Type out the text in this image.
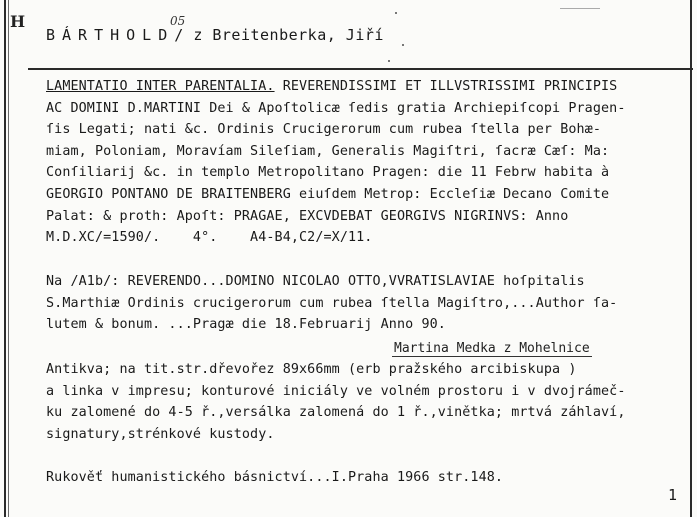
H	05
BÁRTHOLD/ z Breitenberka, Jiří
LAMENTATIO INTER PARENTALIA. REVERENDISSIMI ET ILLVSTRISSIMI PRINCIPIS
AC DOMINI D.MARTINI Dei & Apoſtolicæ ſedis gratia Archiepiſcopi Pragen-
ſis Legati; nati &c. Ordinis Crucigerorum cum rubea ſtella per Bohæ-
miam, Poloniam, Moravíam Sileſiam, Generalis Magiſtri, ſacræ Cæſ: Ma:
Conſiliarij &c. in templo Metropolitano Pragen: die 11 Febrw habita à
GEORGIO PONTANO DE BRAITENBERG eiuſdem Metrop: Eccleſiæ Decano Comite
Palat: & proth: Apoſt: PRAGAE, EXCVDEBAT GEORGIVS NIGRINVS: Anno
M.D.XC/=1590/.    4°.    A4-B4,C2/=X/11.
Na /A1b/: REVERENDO...DOMINO NICOLAO OTTO,VVRATISLAVIAE hoſpitalis
S.Marthiæ Ordinis crucigerorum cum rubea ſtella Magiſtro,...Author ſa-
lutem & bonum. ...Pragæ die 18.Februarij Anno 90.
Martina Medka z Mohelnice
Antikva; na tit.str.dřevořez 89x66mm (erb pražského arcibiskupa )
a linka v impresu; konturové iniciály ve volném prostoru i v dvojrámeč-
ku zalomené do 4-5 ř.,versálka zalomená do 1 ř.,vinětka; mrtvá záhlaví,
signatury,strénkové kustody.
Rukověť humanistického básnictví...I.Praha 1966 str.148.
1
